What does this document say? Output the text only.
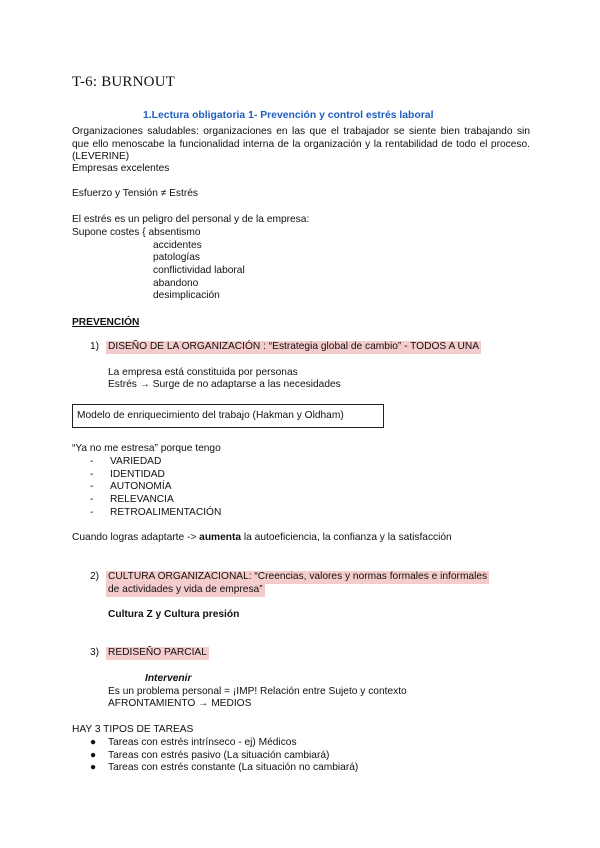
T-6: BURNOUT
1.Lectura obligatoria 1- Prevención y control estrés laboral
Organizaciones saludables: organizaciones en las que el trabajador se siente bien trabajando sin que ello menoscabe la funcionalidad interna de la organización y la rentabilidad de todo el proceso. (LEVERINE)
Empresas excelentes
Esfuerzo y Tensión ≠ Estrés
El estrés es un peligro del personal y de la empresa:
Supone costes { absentismo
accidentes
patologías
conflictividad laboral
abandono
desimplicación
PREVENCIÓN
1) DISEÑO DE LA ORGANIZACIÓN : “Estrategia global de cambio” - TODOS A UNA
La empresa está constituida por personas
Estrés → Surge de no adaptarse a las necesidades
Modelo de enriquecimiento del trabajo (Hakman y Oldham)
“Ya no me estresa” porque tengo
- VARIEDAD
- IDENTIDAD
- AUTONOMÍA
- RELEVANCIA
- RETROALIMENTACIÓN
Cuando logras adaptarte -> aumenta la autoeficiencia, la confianza y la satisfacción
2) CULTURA ORGANIZACIONAL: “Creencias, valores y normas formales e informales
de actividades y vida de empresa”
Cultura Z y Cultura presión
3) REDISEÑO PARCIAL
Intervenir
Es un problema personal = ¡IMP! Relación entre Sujeto y contexto
AFRONTAMIENTO → MEDIOS
HAY 3 TIPOS DE TAREAS
● Tareas con estrés intrínseco - ej) Médicos
● Tareas con estrés pasivo (La situación cambiará)
● Tareas con estrés constante (La situación no cambiará)
